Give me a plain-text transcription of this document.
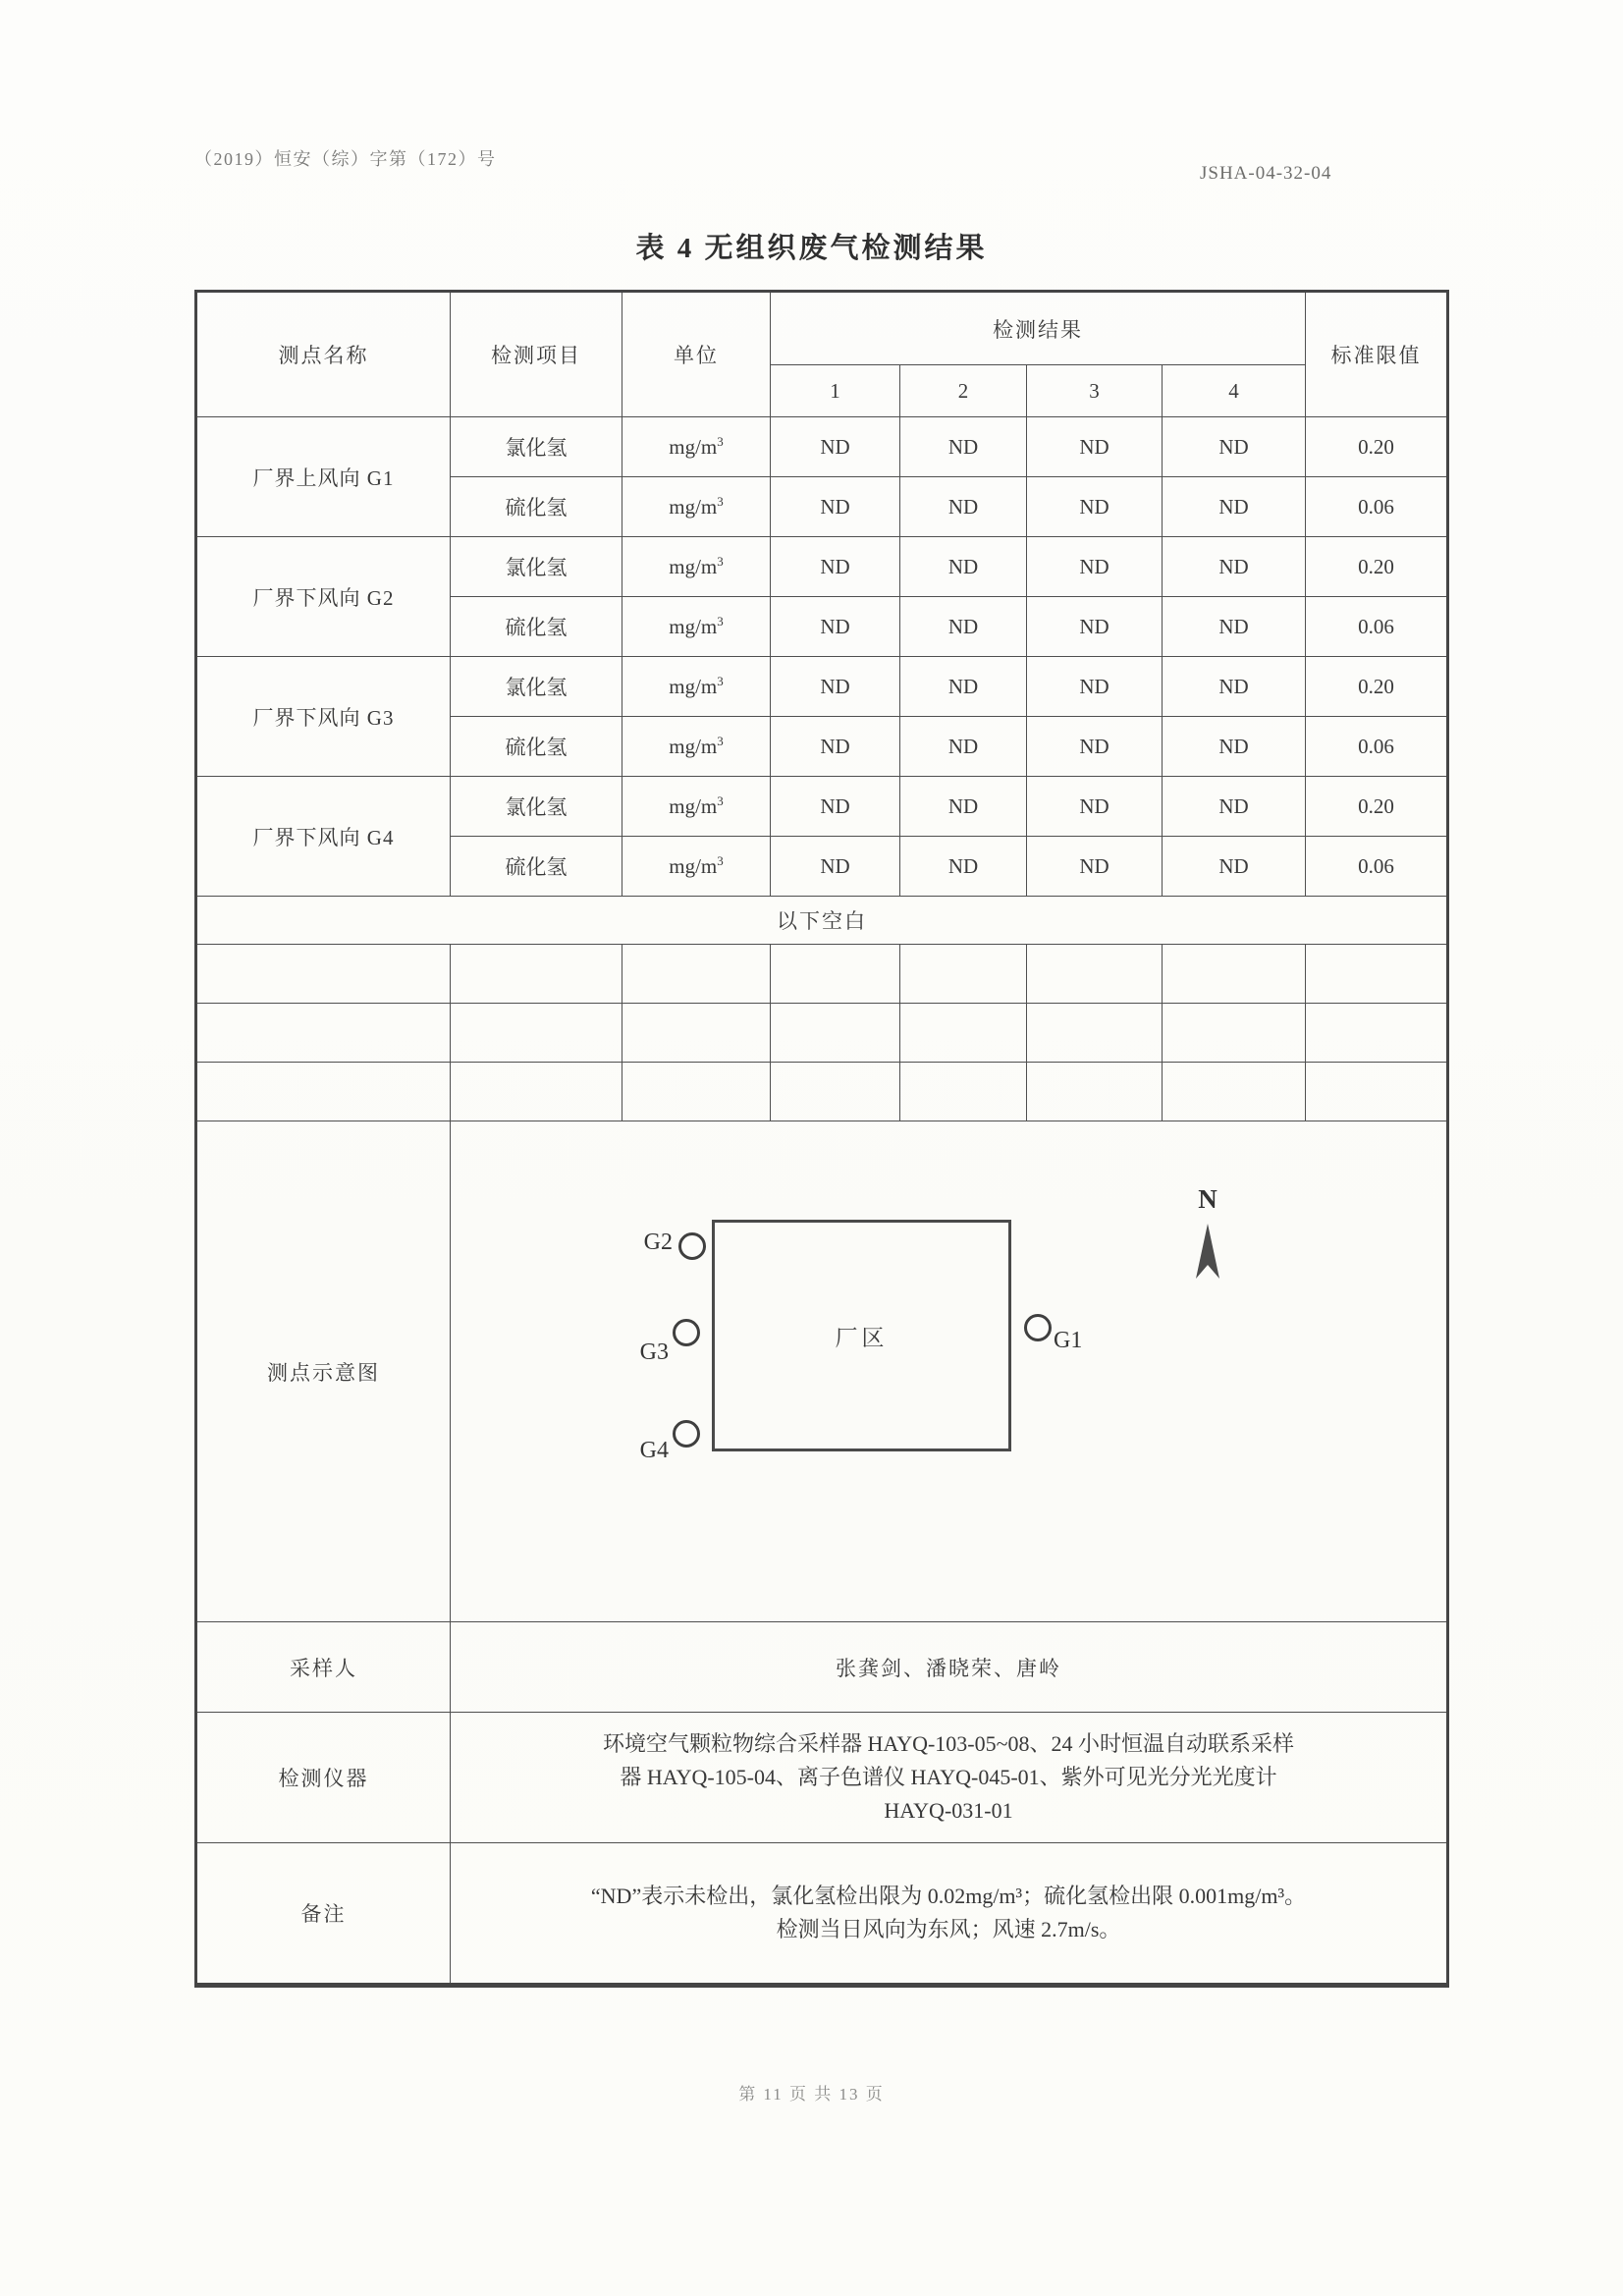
（2019）恒安（综）字第（172）号
JSHA-04-32-04
表 4 无组织废气检测结果
测点名称	检测项目	单位	检测结果				标准限值
			1	2	3	4	
厂界上风向 G1	氯化氢	$mg/m^3$	ND	ND	ND	ND	0.20
	硫化氢	$mg/m^3$	ND	ND	ND	ND	0.06
厂界下风向 G2	氯化氢	$mg/m^3$	ND	ND	ND	ND	0.20
	硫化氢	$mg/m^3$	ND	ND	ND	ND	0.06
厂界下风向 G3	氯化氢	$mg/m^3$	ND	ND	ND	ND	0.20
	硫化氢	$mg/m^3$	ND	ND	ND	ND	0.06
厂界下风向 G4	氯化氢	$mg/m^3$	ND	ND	ND	ND	0.20
	硫化氢	$mg/m^3$	ND	ND	ND	ND	0.06
以下空白							

测点示意图	
厂区
G2
G3
G4
G1
N

采样人	张龚剑、潘晓荣、唐岭						
检测仪器	环境空气颗粒物综合采样器 HAYQ-103-05~08、24 小时恒温自动联系采样
器 HAYQ-105-04、离子色谱仪 HAYQ-045-01、紫外可见光分光光度计
HAYQ-031-01						

备注	“ND”表示未检出，氯化氢检出限为 0.02mg/m³；硫化氢检出限 0.001mg/m³。
检测当日风向为东风；风速 2.7m/s。						
第 11 页 共 13 页
